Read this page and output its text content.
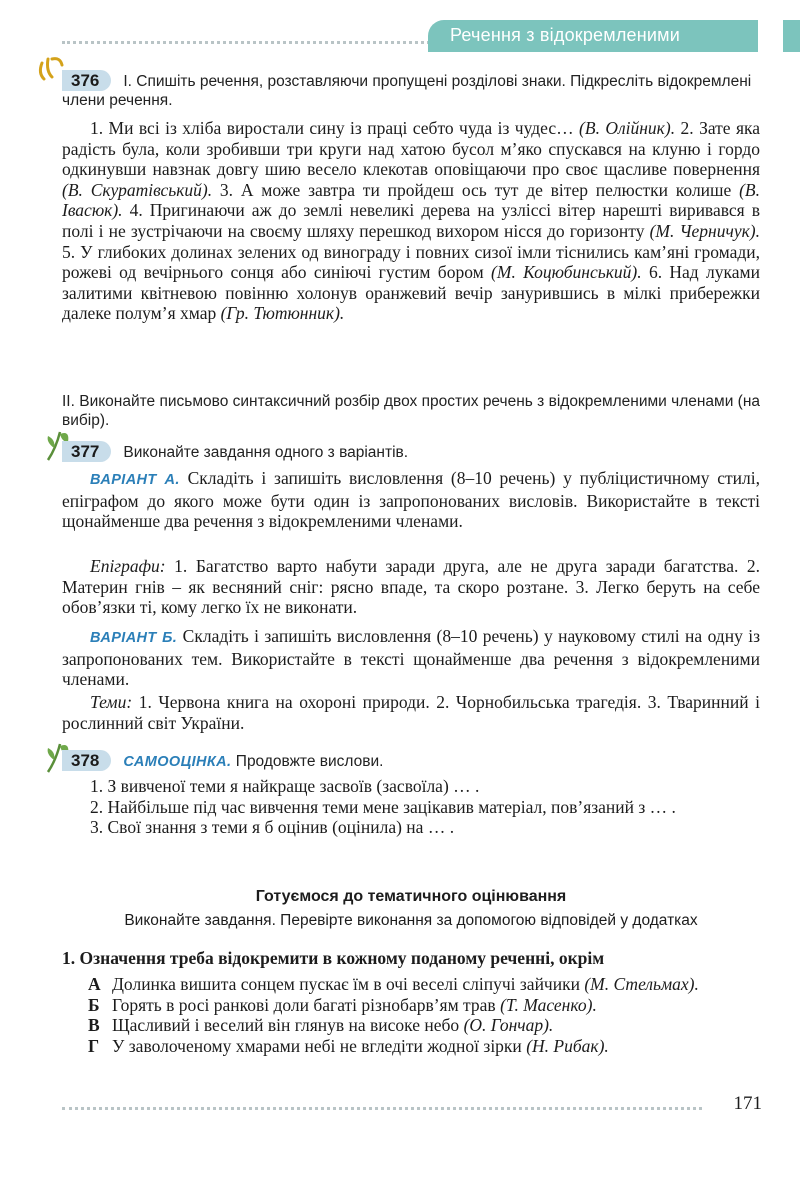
Речення з відокремленими членами
376 І. Спишіть речення, розставляючи пропущені розділові знаки. Підкресліть відокремлені члени речення.
1. Ми всі із хліба виростали сину із праці себто чуда із чудес… (В. Олійник). 2. Зате яка радість була, коли зробивши три круги над хатою бусол м’яко спускався на клуню і гордо одкинувши навзнак довгу шию весело клекотав оповіщаючи про своє щасливе повернення (В. Скуратівський). 3. А може завтра ти пройдеш ось тут де вітер пелюстки колише (В. Івасюк). 4. Пригинаючи аж до землі невеликі дерева на узліссі вітер нарешті виривався в полі і не зустрічаючи на своєму шляху перешкод вихором нісся до горизонту (М. Черничук). 5. У глибоких долинах зелених од винограду і повних сизої імли тіснились кам’яні громади, рожеві од вечірнього сонця або синіючі густим бором (М. Коцюбинський). 6. Над луками залитими квітневою повінню холонув оранжевий вечір занурившись в мілкі прибережки далеке полум’я хмар (Гр. Тютюнник).
ІІ. Виконайте письмово синтаксичний розбір двох простих речень з відокремленими членами (на вибір).
377 Виконайте завдання одного з варіантів.
ВАРІАНТ А. Складіть і запишіть висловлення (8–10 речень) у публіцистичному стилі, епіграфом до якого може бути один із запропонованих висловів. Використайте в тексті щонайменше два речення з відокремленими членами.
Епіграфи: 1. Багатство варто набути заради друга, але не друга заради багатства. 2. Материн гнів – як весняний сніг: рясно впаде, та скоро розтане. 3. Легко беруть на себе обов’язки ті, кому легко їх не виконати.
ВАРІАНТ Б. Складіть і запишіть висловлення (8–10 речень) у науковому стилі на одну із запропонованих тем. Використайте в тексті щонайменше два речення з відокремленими членами.
Теми: 1. Червона книга на охороні природи. 2. Чорнобильська трагедія. 3. Тваринний і рослинний світ України.
378 САМООЦІНКА. Продовжте вислови.
1. З вивченої теми я найкраще засвоїв (засвоїла) … .
2. Найбільше під час вивчення теми мене зацікавив матеріал, пов’язаний з … .
3. Свої знання з теми я б оцінив (оцінила) на … .
Готуємося до тематичного оцінювання
Виконайте завдання. Перевірте виконання за допомогою відповідей у додатках
1. Означення треба відокремити в кожному поданому реченні, окрім
А Долинка вишита сонцем пускає їм в очі веселі сліпучі зайчики (М. Стельмах).
Б Горять в росі ранкові доли багаті різнобарв’ям трав (Т. Масенко).
В Щасливий і веселий він глянув на високе небо (О. Гончар).
Г У заволоченому хмарами небі не вгледіти жодної зірки (Н. Рибак).
171
